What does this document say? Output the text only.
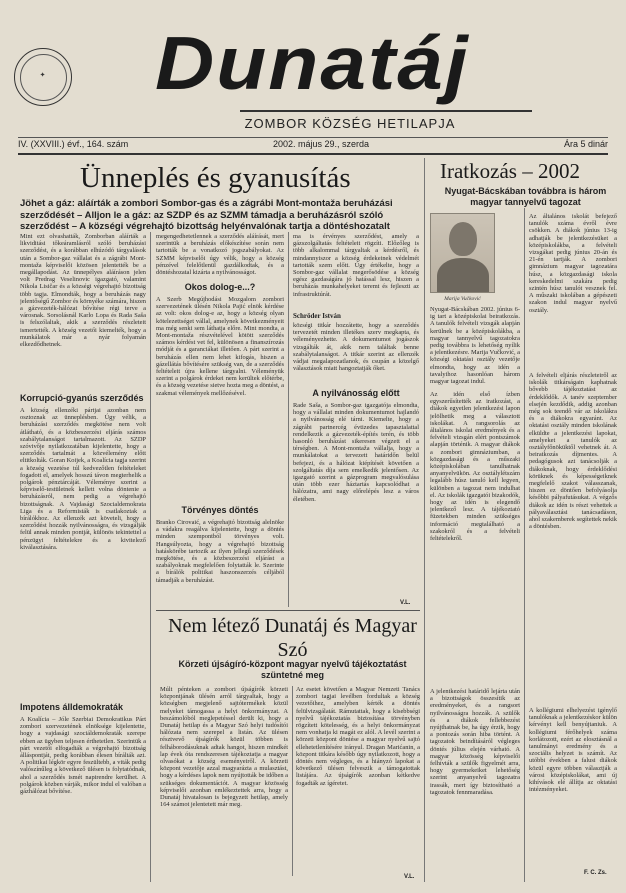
✦ Dunatáj
ZOMBOR KÖZSÉG HETILAPJA
IV. (XXVIII.) évf., 164. szám	2002. május 29., szerda	Ára 5 dinár
Ünneplés és gyanusítás
Jöhet a gáz: aláírták a zombori Sombor-gas és a zágrábi Mont-montaža beruházási szerződését – Alljon le a gáz: az SZDP és az SZMM támadja a beruházásról szóló szerződést – A községi végrehajtó bizottság helyénvalónak tartja a döntéshozatalt
Mint ezt olvashatták, Zomborban aláírták a likviditási tőkeáramlásról szóló beruházási szerződést, és a korábban elhúzódó tárgyalások után a Sombor-gaz vállalat és a zágrábi Mont-montaža képviselői közösen jelentették be a megállapodást. Az ünnepélyes aláíráson jelen volt Predrag Veselinovic igazgató, valamint Nikola Lisičar és a községi végrehajtó bizottság több tagja. Elmondták, hogy a beruházás nagy jelentőségű Zombor és környéke számára, hiszen a gázvezeték-hálózat bővítése régi terve a városnak. Sorsolásnál Karlo Lopa és Rada Saša is felszólaltak, akik a szerződés részleteit ismertették. A község vezetői kiemelték, hogy a munkálatok már a nyár folyamán elkezdődhetnek.
Korrupció-gyanús szerződés
A község ellenzéki pártjai azonban nem osztoznak az ünneplésben. Úgy vélik, a beruházási szerződés megkötése nem volt átlátható, és a közbeszerzési eljárás számos szabálytalanságot tartalmazott. Az SZDP szóvivője nyilatkozatában kijelentette, hogy a szerződés tartalmát a közvélemény előtt eltitkolták. Goran Koijek, a Koalícia tagja szerint a község vezetése túl kedvezőtlen feltételeket fogadott el, amelyek hosszú távon megterhelik a polgárok pénztárcáját. Véleménye szerint a képviselő-testületnek kellett volna döntenie a beruházásról, nem pedig a végrehajtó bizottságnak. A Vajdasági Szocialdemokrata Liga és a Reformisták is csatlakoztak a bírálókhoz. Az ellenzék azt követeli, hogy a szerződést hozzák nyilvánosságra, és vizsgálják felül annak minden pontját, különös tekintettel a pénzügyi feltételekre és a kivitelező kiválasztására.
Impotens álldemokraták
A Koalícia – Jóle Szerbiai Demokratikus Párt zombori szervezetének elnöksége kijelentette, hogy a vajdasági szociáldemokraták szerepe ebben az ügyben teljesen érthetetlen. Szerintük a párt vezetői elfogadták a végrehajtó bizottság álláspontját, pedig korábban élesen bírálták azt. A politikai légkör egyre feszültebb, a viták pedig valószínűleg a következő ülésen is folytatódnak, ahol a szerződés ismét napirendre kerülhet. A polgárok közben várják, mikor indul el valóban a gázhálózat bővítése.
megengedhetetlennek a szerződés aláírását, mert szerintük a beruházás előkészítése során nem tartották be a vonatkozó jogszabályokat. Az SZMM képviselői úgy vélik, hogy a község pénzével felelőtlenül gazdálkodtak, és a döntéshozatal kizárta a nyilvánosságot.
Okos dolog-e...?
A Szerb Megújhodási Mozgalom zombori szervezetének ülésén Nikola Pajić elnök kérdése az volt: okos dolog-e az, hogy a község olyan kötelezettséget vállal, amelynek következményeit ma még senki sem láthatja előre. Mint mondta, a Mont-montaža részvételével kötött szerződés számos kérdést vet fel, különösen a finanszírozás módját és a garanciákat illetően. A párt szerint a beruházás ellen nem lehet kifogás, hiszen a gázellátás bővítésére szükség van, de a szerződés feltételeit újra kellene tárgyalni. Véleményük szerint a polgárok érdekei nem kerültek előtérbe, és a község vezetése sietve hozta meg a döntést, a szakmai vélemények mellőzésével.
Törvényes döntés
Branko Ćirovaić, a végrehajtó bizottság alelnöke a vádakra reagálva kijelentette, hogy a döntés minden szempontból törvényes volt. Hangsúlyozta, hogy a végrehajtó bizottság hatáskörébe tartozik az ilyen jellegű szerződések megkötése, és a közbeszerzési eljárást a szabályoknak megfelelően folytatták le. Szerinte a bírálók politikai haszonszerzés céljából támadják a beruházást.
ma is érvényes szerződést, amely a gázszolgáltatás feltételeit rögzíti. Előzőleg is több alkalommal tárgyaltak a kérdésről, és mindannyiszor a község érdekeinek védelmét tartották szem előtt. Úgy értékelte, hogy a Sombor-gaz vállalat megerősödése a község egész gazdaságára jó hatással lesz, hiszen a beruházás munkahelyeket teremt és fejleszti az infrastruktúrát.
Schröder István
községi titkár hozzátette, hogy a szerződés tervezetét minden illetékes szerv megkapta, és véleményezhette. A dokumentumot jogászok vizsgálták át, akik nem találtak benne szabálytalanságot. A titkár szerint az ellenzék vádjai megalapozatlanok, és csupán a közelgő választások miatt hangoztatják őket.
A nyilvánosság előtt
Rade Saša, a Sombor-gaz igazgatója elmondta, hogy a vállalat minden dokumentumot hajlandó a nyilvánosság elé tárni. Kiemelte, hogy a zágrábi partnercég évtizedes tapasztalattal rendelkezik a gázvezeték-építés terén, és több hasonló beruházást sikeresen végzett el a térségben. A Mont-montaža vállalja, hogy a munkálatokat a tervezett határidőn belül befejezi, és a hálózat kiépítését követően a szolgáltatás díja sem emelkedik jelentősen. Az igazgató szerint a gázprogram megvalósulása után több ezer háztartás kapcsolódhat a hálózatra, ami nagy előrelépés lesz a város életében.
V.L.
Iratkozás – 2002
Nyugat-Bácskában továbbra is három magyar tannyelvű tagozat
Marija Vučković
Nyugat-Bácskában 2002. június 6-ig tart a középiskolai beiratkozás. A tanulók felvételi vizsgák alapján kerülnek be a középiskolákba, a magyar tannyelvű tagozatokra pedig továbbra is lehetőség nyílik a jelentkezésre. Marija Vučković, a községi oktatási osztály vezetője elmondta, hogy az idén a tavalyihoz hasonlóan három magyar tagozat indul.
Az idén első ízben egyszerűsítették az iratkozást, a diákok egyetlen jelentkezési lapon jelölhetik meg a választott iskolákat. A rangsorolás az általános iskolai eredmények és a felvételi vizsgán elért pontszámok alapján történik. A magyar diákok a zombori gimnáziumban, a közgazdasági és a műszaki középiskolában tanulhatnak anyanyelvükön. Az osztálylétszám legalább húsz tanuló kell legyen, különben a tagozat nem indulhat el. Az iskolák igazgatói bizakodók, hogy az idén is elegendő jelentkező lesz. A tájékoztató füzetekben minden szükséges információ megtalálható a szakokról és a felvételi feltételekről.
A jelentkezési határidő lejárta után a bizottságok összesítik az eredményeket, és a rangsort nyilvánosságra hozzák. A szülők és a diákok fellebbezést nyújthatnak be, ha úgy érzik, hogy a pontozás során hiba történt. A tagozatok beindításáról végleges döntés július elején várható. A magyar közösség képviselői felhívták a szülők figyelmét arra, hogy gyermekeiket lehetőség szerint anyanyelvű tagozatra irassák, mert így biztosítható a tagozatok fennmaradása.
Az általános iskolát befejező tanulók száma évről évre csökken. A diákok június 13-ig adhatják be jelentkezésüket a középiskolákba, a felvételi vizsgákat pedig június 20-án és 21-én tartják. A zombori gimnázium magyar tagozatára húsz, a közgazdasági iskola kereskedelmi szakára pedig szintén húsz tanulót vesznek fel. A műszaki iskolában a gépészeti szakon indul magyar nyelvű osztály.
A felvételi eljárás részleteiről az iskolák titkárságain kaphatnak bővebb tájékoztatást az érdeklődők. A tanév szeptember elsején kezdődik, addig azonban még sok teendő vár az iskolákra és a diákokra egyaránt. Az oktatási osztály minden iskolának elküldte a jelentkezési lapokat, amelyeket a tanulók az osztályfőnöküktől vehetnek át. A beiratkozás díjmentes. A pedagógusok azt tanácsolják a diákoknak, hogy érdeklődési körüknek és képességeiknek megfelelő szakot válasszanak, hiszen ez döntően befolyásolja későbbi pályafutásukat. A végzős diákok az idén is részt vehettek a pályaválasztási tanácsadáson, ahol szakemberek segítettek nekik a döntésben.
A kollégiumi elhelyezést igénylő tanulóknak a jelentkezéskor külön kérvényt kell benyújtaniuk. A kollégiumi férőhelyek száma korlátozott, ezért az elosztásnál a tanulmányi eredmény és a szociális helyzet is számít. Az utóbbi években a falusi diákok közül egyre többen választják a városi középiskolákat, ami új kihívások elé állítja az oktatási intézményeket.
F. C. Zs.
Nem létező Dunatáj és Magyar Szó
Körzeti újságíró-központ magyar nyelvű tájékoztatást szüntetné meg
Múlt pénteken a zombori újságírók körzeti központjának ülésén arról tárgyaltak, hogy a községben megjelenő sajtótermékek közül melyeket támogassa a helyi önkormányzat. A beszámolóból meglepetéssel derült ki, hogy a Dunatáj hetilap és a Magyar Szó helyi tudósítói hálózata nem szerepel a listán. Az ülésen résztvevő újságírók közül többen is felháborodásuknak adtak hangot, hiszen mindkét lap évek óta rendszeresen tájékoztatja a magyar olvasókat a község eseményeiről. A körzeti központ vezetője azzal magyarázta a mulasztást, hogy a kérdéses lapok nem nyújtották be időben a szükséges dokumentációt. A magyar közösség képviselői azonban emlékeztettek arra, hogy a Dunatáj hivatalosan is bejegyzett hetilap, amely 164 számot jelentetett már meg.
Az esetet követően a Magyar Nemzeti Tanács zombori tagjai levélben fordultak a község vezetőihez, amelyben kérték a döntés felülvizsgálatát. Rámutattak, hogy a kisebbségi nyelvű tájékoztatás biztosítása törvényben rögzített kötelesség, és a helyi önkormányzat nem vonhatja ki magát ez alól. A levél szerint a körzeti központ döntése a magyar nyelvű sajtó ellehetetlenítésére irányul. Dragan Marićanin, a központ titkára később úgy nyilatkozott, hogy a döntés nem végleges, és a hiányzó lapokat a következő ülésen felveszik a támogatottak listájára. Az újságírók azonban kétkedve fogadták az ígéretet.
V.L.
